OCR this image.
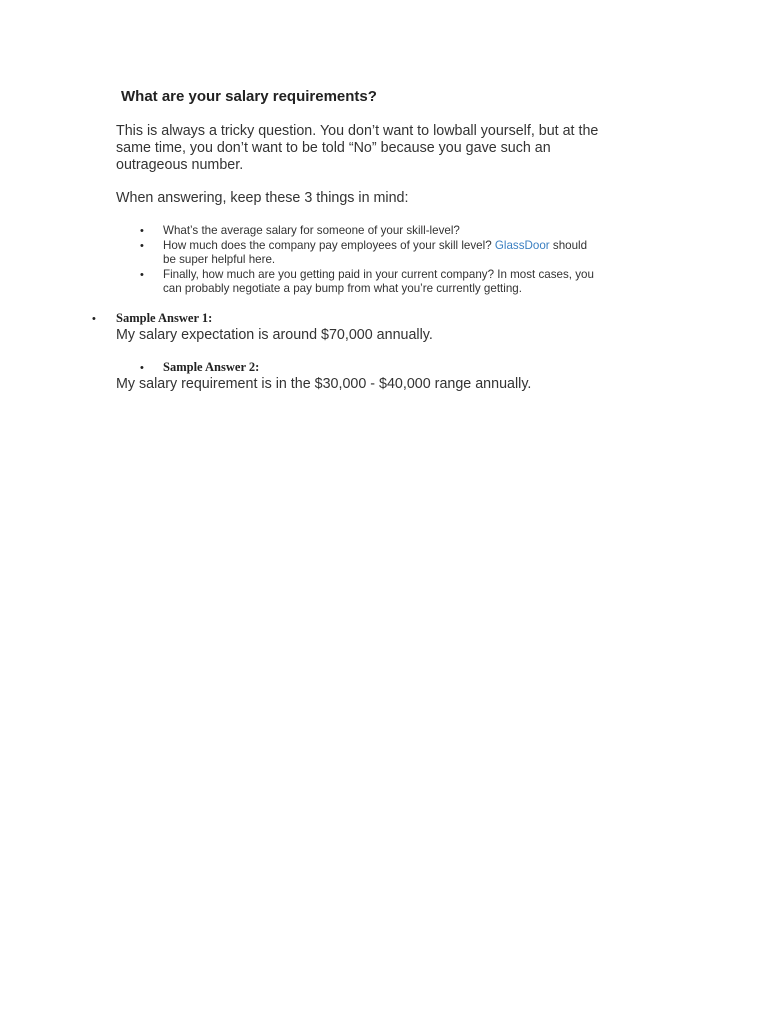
What are your salary requirements?
This is always a tricky question. You don’t want to lowball yourself, but at the
same time, you don’t want to be told “No” because you gave such an
outrageous number.
When answering, keep these 3 things in mind:
• What’s the average salary for someone of your skill-level?
• How much does the company pay employees of your skill level? GlassDoor should
be super helpful here.
• Finally, how much are you getting paid in your current company? In most cases, you
can probably negotiate a pay bump from what you’re currently getting.
• Sample Answer 1:
My salary expectation is around $70,000 annually.
• Sample Answer 2:
My salary requirement is in the $30,000 - $40,000 range annually.
